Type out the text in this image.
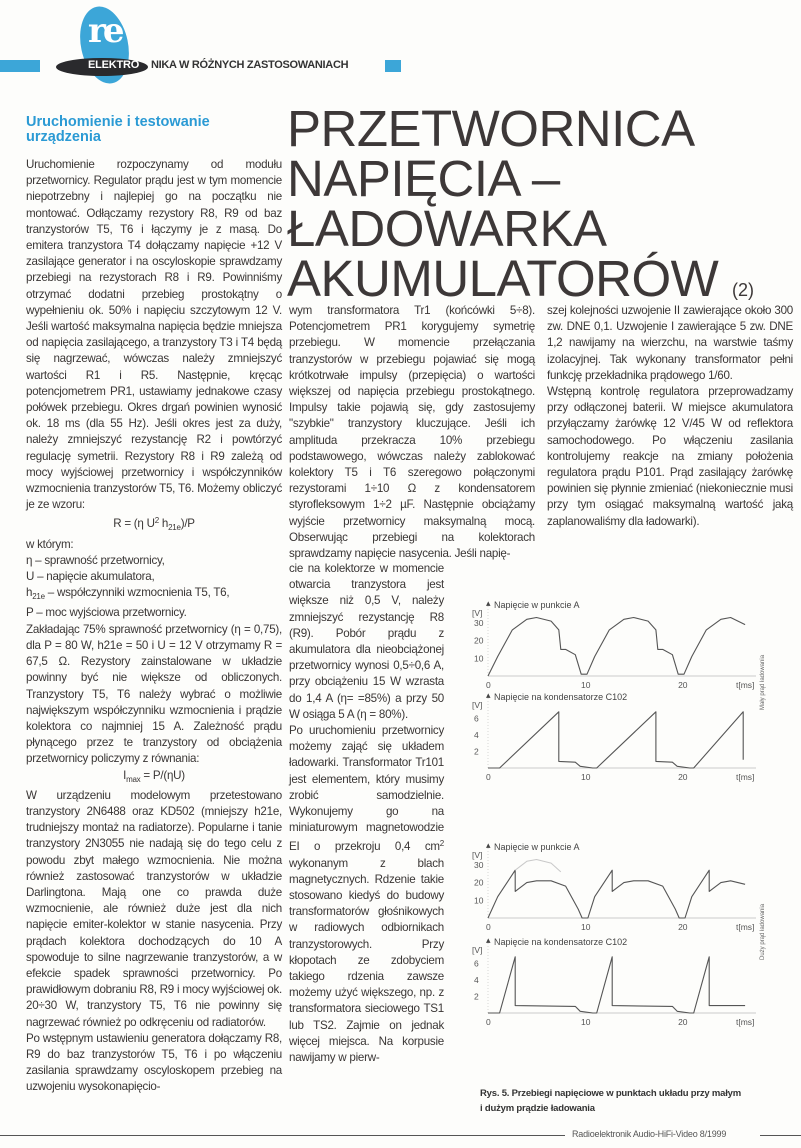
re
ELEKTRO NIKA W RÓŻNYCH ZASTOSOWANIACH
PRZETWORNICA
NAPIĘCIA –
ŁADOWARKA
AKUMULATORÓW (2)
Uruchomienie i testowanie urządzenia

Uruchomienie rozpoczynamy od modułu przetwornicy. Regulator prądu jest w tym momencie niepotrzebny i najlepiej go na początku nie montować. Odłączamy rezystory R8, R9 od baz tranzystorów T5, T6 i łączymy je z masą. Do emitera tranzystora T4 dołączamy napięcie +12 V zasilające generator i na oscyloskopie sprawdzamy przebiegi na rezystorach R8 i R9. Powinniśmy otrzymać dodatni przebieg prostokątny o wypełnieniu ok. 50% i napięciu szczytowym 12 V. Jeśli wartość maksymalna napięcia będzie mniejsza od napięcia zasilającego, a tranzystory T3 i T4 będą się nagrzewać, wówczas należy zmniejszyć wartości R1 i R5. Następnie, kręcąc potencjometrem PR1, ustawiamy jednakowe czasy połówek przebiegu. Okres drgań powinien wynosić ok. 18 ms (dla 55 Hz). Jeśli okres jest za duży, należy zmniejszyć rezystancję R2 i powtórzyć regulację symetrii. Rezystory R8 i R9 zależą od mocy wyjściowej przetwornicy i współczynników wzmocnienia tranzystorów T5, T6. Możemy obliczyć je ze wzoru:

R = (η $U^2$ $h_{21e})/P$

w którym:

η – sprawność przetwornicy,

U – napięcie akumulatora,

$h_{21e}$ – współczynniki wzmocnienia T5, T6,

P – moc wyjściowa przetwornicy.

Zakładając 75% sprawność przetwornicy (η = 0,75), dla P = 80 W, h21e = 50 i U = 12 V otrzymamy R = 67,5 Ω. Rezystory zainstalowane w układzie powinny być nie większe od obliczonych. Tranzystory T5, T6 należy wybrać o możliwie największym współczynniku wzmocnienia i prądzie kolektora co najmniej 15 A. Zależność prądu płynącego przez te tranzystory od obciążenia przetwornicy policzymy z równania:

$I_{max} = P/(\eta U)$

W urządzeniu modelowym przetestowano tranzystory 2N6488 oraz KD502 (mniejszy h21e, trudniejszy montaż na radiatorze). Popularne i tanie tranzystory 2N3055 nie nadają się do tego celu z powodu zbyt małego wzmocnienia. Nie można również zastosować tranzystorów w układzie Darlingtona. Mają one co prawda duże wzmocnienie, ale również duże jest dla nich napięcie emiter-kolektor w stanie nasycenia. Przy prądach kolektora dochodzących do 10 A spowoduje to silne nagrzewanie tranzystorów, a w efekcie spadek sprawności przetwornicy. Po prawidłowym dobraniu R8, R9 i mocy wyjściowej ok. 20÷30 W, tranzystory T5, T6 nie powinny się nagrzewać również po odkręceniu od radiatorów.

Po wstępnym ustawieniu generatora dołączamy R8, R9 do baz tranzystorów T5, T6 i po włączeniu zasilania sprawdzamy oscyloskopem przebieg na uzwojeniu wysokonapięcio-

wym transformatora Tr1 (końcówki 5÷8). Potencjometrem PR1 korygujemy symetrię przebiegu. W momencie przełączania tranzystorów w przebiegu pojawiać się mogą krótkotrwałe impulsy (przepięcia) o wartości większej od napięcia przebiegu prostokątnego. Impulsy takie pojawią się, gdy zastosujemy "szybkie" tranzystory kluczujące. Jeśli ich amplituda przekracza 10% przebiegu podstawowego, wówczas należy zablokować kolektory T5 i T6 szeregowo połączonymi rezystorami 1÷10 Ω z kondensatorem styrofleksowym 1÷2 µF. Następnie obciążamy wyjście przetwornicy maksymalną mocą. Obserwując przebiegi na kolektorach sprawdzamy napięcie nasycenia. Jeśli napię-

cie na kolektorze w momencie otwarcia tranzystora jest większe niż 0,5 V, należy zmniejszyć rezystancję R8 (R9). Pobór prądu z akumulatora dla nieobciążonej przetwornicy wynosi 0,5÷0,6 A, przy obciążeniu 15 W wzrasta do 1,4 A (η= =85%) a przy 50 W osiąga 5 A (η = 80%).

Po uruchomieniu przetwornicy możemy zająć się układem ładowarki. Transformator Tr101 jest elementem, który musimy zrobić samodzielnie. Wykonujemy go na miniaturowym magnetowodzie EI o przekroju 0,4 $cm^2$ wykonanym z blach magnetycznych. Rdzenie takie stosowano kiedyś do budowy transformatorów głośnikowych w radiowych odbiornikach tranzystorowych. Przy kłopotach ze zdobyciem takiego rdzenia zawsze możemy użyć większego, np. z transformatora sieciowego TS1 lub TS2. Zajmie on jednak więcej miejsca. Na korpusie nawijamy w pierw-

szej kolejności uzwojenie II zawierające około 300 zw. DNE 0,1. Uzwojenie I zawierające 5 zw. DNE 1,2 nawijamy na wierzchu, na warstwie taśmy izolacyjnej. Tak wykonany transformator pełni funkcję przekładnika prądowego 1/60.

Wstępną kontrolę regulatora przeprowadzamy przy odłączonej baterii. W miejsce akumulatora przyłączamy żarówkę 12 V/45 W od reflektora samochodowego. Po włączeniu zasilania kontrolujemy reakcje na zmiany położenia regulatora prądu P101. Prąd zasilający żarówkę powinien się płynnie zmieniać (niekoniecznie musi przy tym osiągać maksymalną wartość jaką zaplanowaliśmy dla ładowarki).

▴ Napięcie w punkcie A
[V]
t[ms]
10
20
30
0	10	20
▴ Napięcie na kondensatorze C102
[V]
t[ms]
2
4
6
0	10	20
▴ Napięcie w punkcie A
[V]
t[ms]
10
20
30
0	10	20
▴ Napięcie na kondensatorze C102
[V]
t[ms]
2
4
6
0	10	20
Mały prąd ładowania
Duży prąd ładowania
Rys. 5. Przebiegi napięciowe w punktach układu przy małym
i dużym prądzie ładowania
Radioelektronik Audio-HiFi-Video 8/1999
